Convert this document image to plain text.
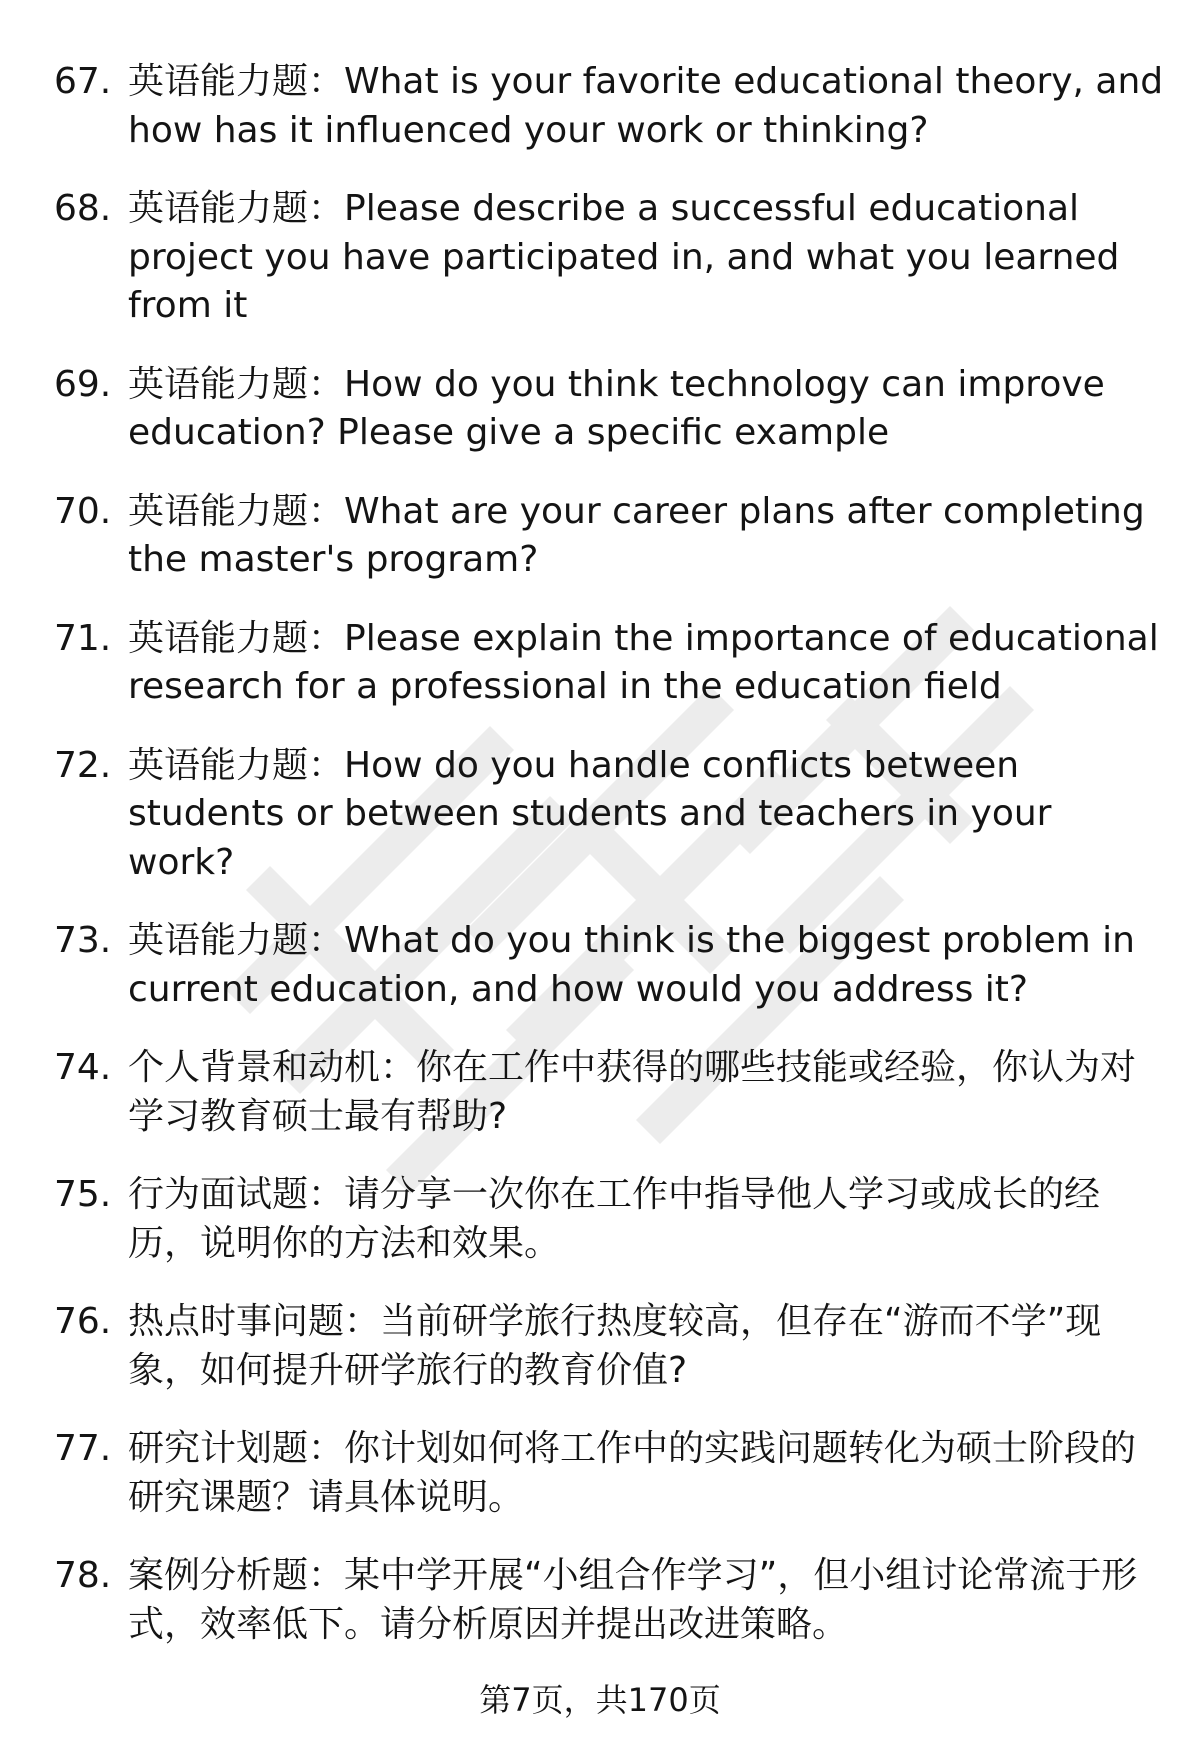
67. 英语能力题：What is your favorite educational theory, and how has it influenced your work or thinking?
68. 英语能力题：Please describe a successful educational project you have participated in, and what you learned from it
69. 英语能力题：How do you think technology can improve education? Please give a specific example
70. 英语能力题：What are your career plans after completing the master's program?
71. 英语能力题：Please explain the importance of educational research for a professional in the education field
72. 英语能力题：How do you handle conflicts between students or between students and teachers in your work?
73. 英语能力题：What do you think is the biggest problem in current education, and how would you address it?
74. 个人背景和动机：你在工作中获得的哪些技能或经验，你认为对学习教育硕士最有帮助?
75. 行为面试题：请分享一次你在工作中指导他人学习或成长的经历，说明你的方法和效果。
76. 热点时事问题：当前研学旅行热度较高，但存在“游而不学”现象，如何提升研学旅行的教育价值?
77. 研究计划题：你计划如何将工作中的实践问题转化为硕士阶段的研究课题？请具体说明。
78. 案例分析题：某中学开展“小组合作学习”，但小组讨论常流于形式，效率低下。请分析原因并提出改进策略。
第7页，共170页
